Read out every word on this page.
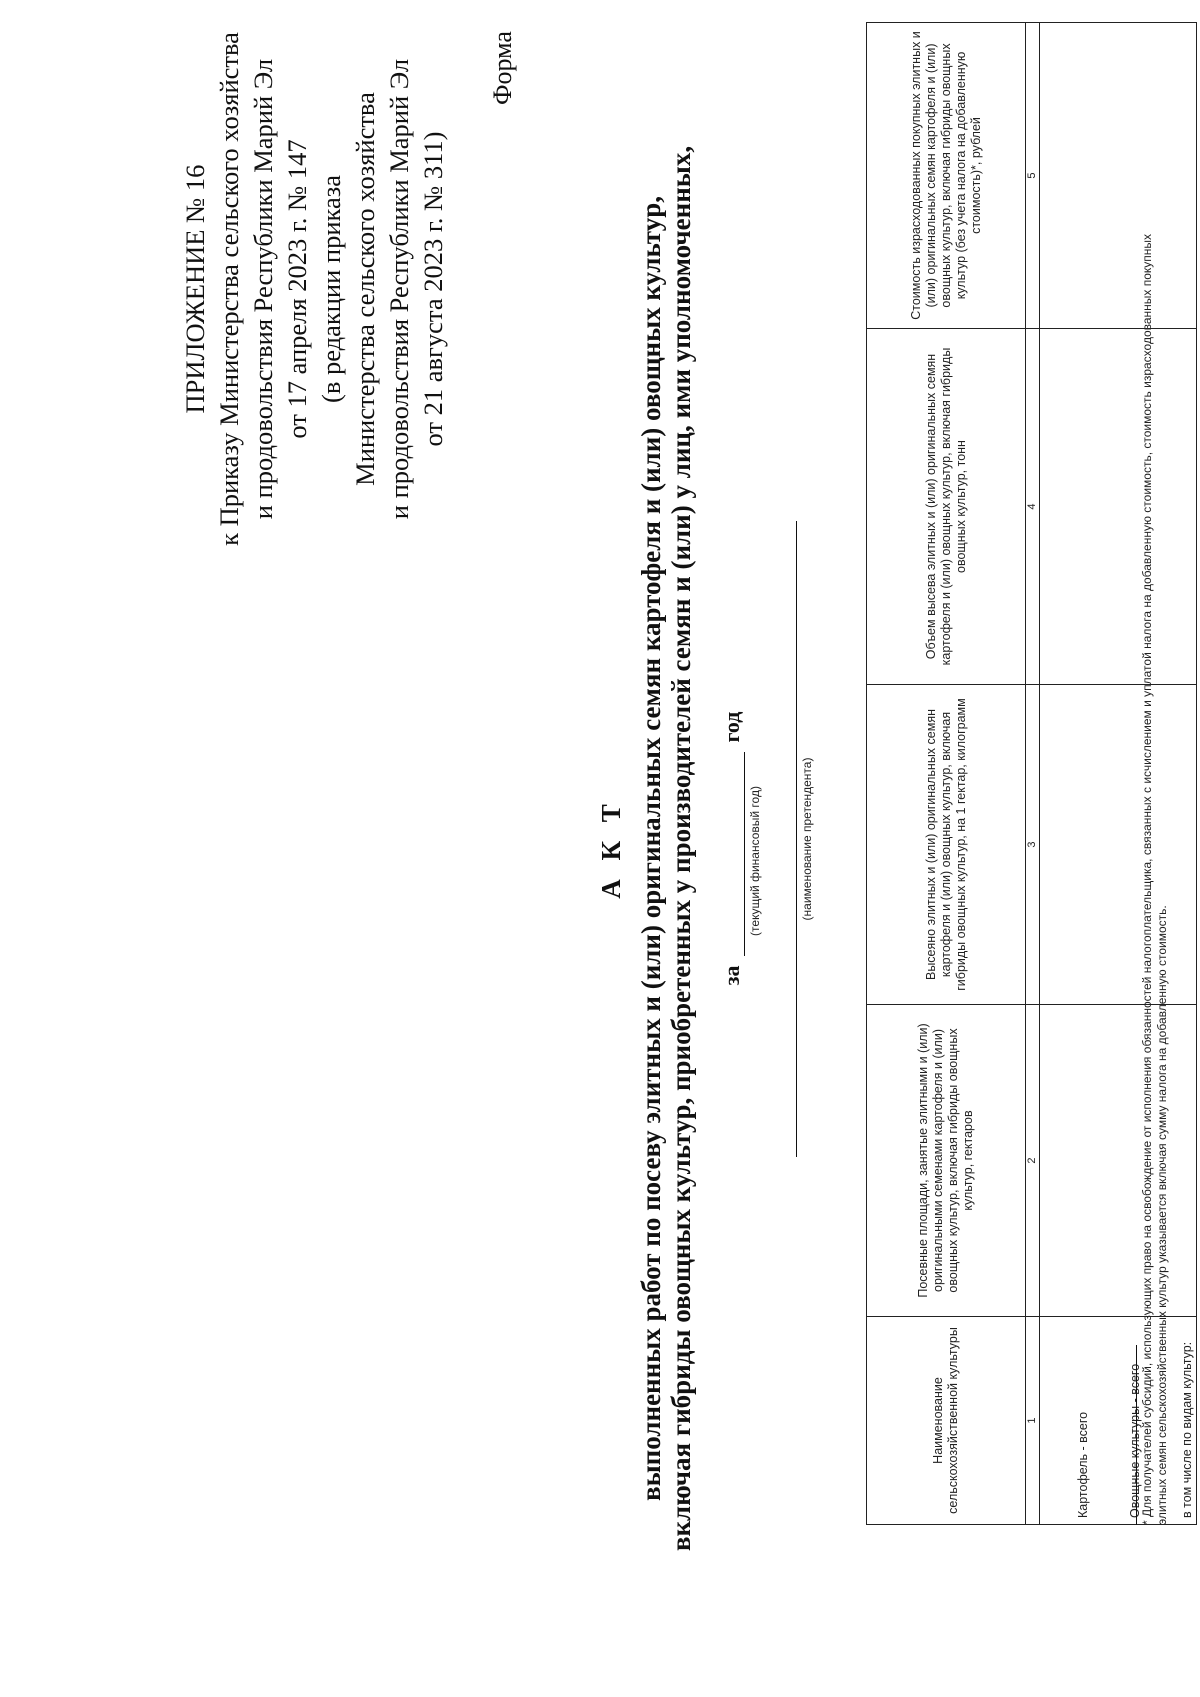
ПРИЛОЖЕНИЕ № 16 к Приказу Министерства сельского хозяйства и продовольствия Республики Марий Эл от 17 апреля 2023 г. № 147 (в редакции приказа Министерства сельского хозяйства и продовольствия Республики Марий Эл от 21 августа 2023 г. № 311)
Форма
А К Т выполненных работ по посеву элитных и (или) оригинальных семян картофеля и (или) овощных культур, включая гибриды овощных культур, приобретенных у производителей семян и (или) у лиц, ими уполномоченных, за  год
(текущий финансовый год)	(наименование претендента)
Наименование сельскохозяйственной культуры	Посевные площади, занятые элитными и (или) оригинальными семенами картофеля и (или) овощных культур, включая гибриды овощных культур, гектаров	Высеяно элитных и (или) оригинальных семян картофеля и (или) овощных культур, включая гибриды овощных культур, на 1 гектар, килограмм	Объем высева элитных и (или) оригинальных семян картофеля и (или) овощных культур, включая гибриды овощных культур, тонн	Стоимость израсходованных покупных элитных и (или) оригинальных семян картофеля и (или) овощных культур, включая гибриды овощных культур (без учета налога на добавленную стоимость)*, рублей
1	2	3	4	5
Картофель - всего				
Овощные культуры - всего				
в том числе по видам культур:				
* Для получателей субсидий, использующих право на освобождение от исполнения обязанностей налогоплательщика, связанных с исчислением и уплатой налога на добавленную стоимость, стоимость израсходованных покупных элитных семян сельскохозяйственных культур указывается включая сумму налога на добавленную стоимость.
